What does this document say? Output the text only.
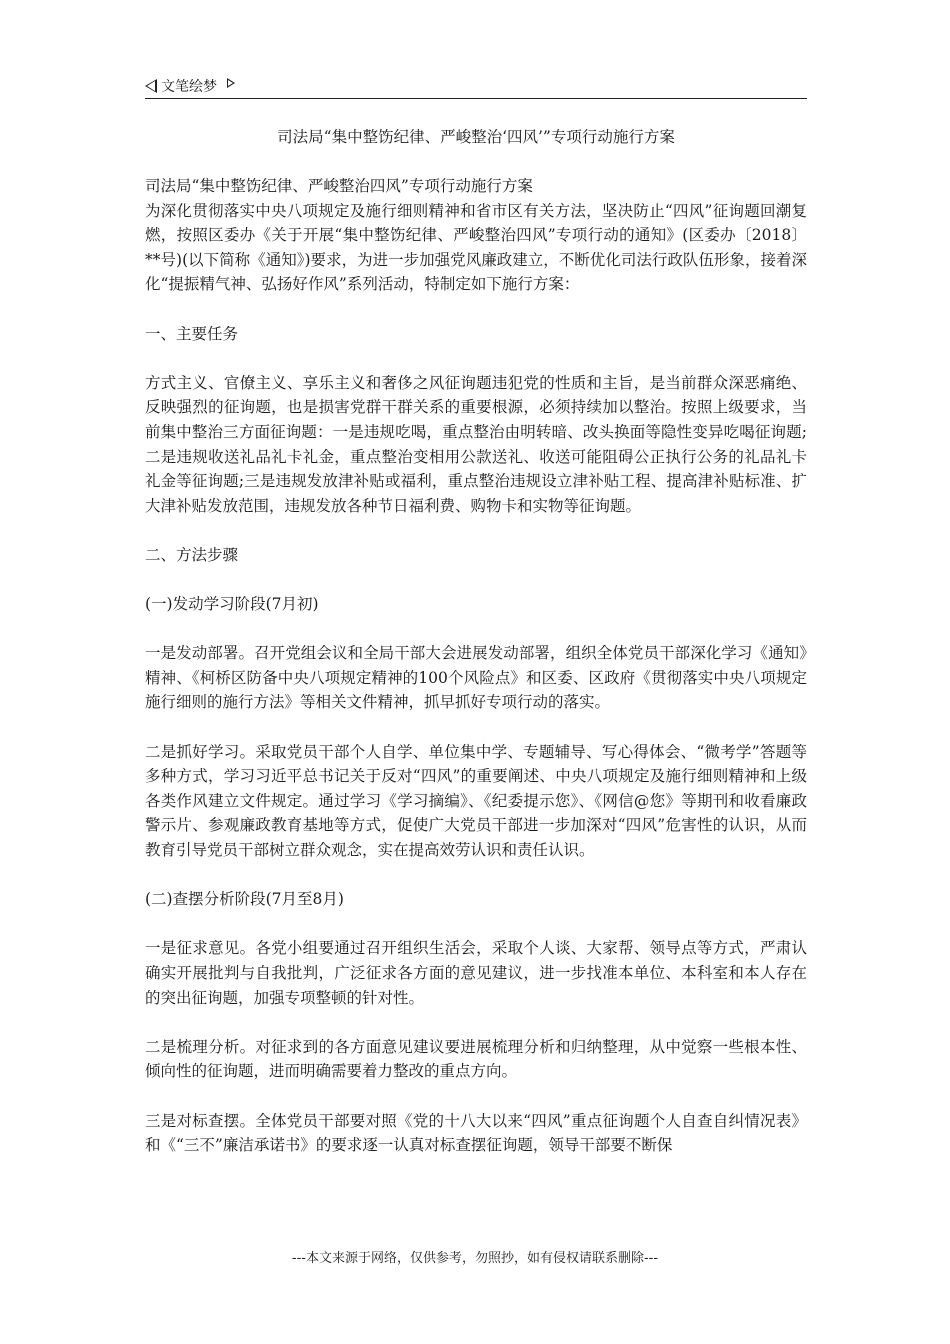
文笔绘梦
司法局“集中整饬纪律、严峻整治‘四风’”专项行动施行方案

司法局“集中整饬纪律、严峻整治四风”专项行动施行方案

为深化贯彻落实中央八项规定及施行细则精神和省市区有关方法，坚决防止“四风”征询题回潮复燃，按照区委办《关于开展“集中整饬纪律、严峻整治四风”专项行动的通知》(区委办〔2018〕**号)(以下简称《通知》)要求，为进一步加强党风廉政建立，不断优化司法行政队伍形象，接着深化“提振精气神、弘扬好作风”系列活动，特制定如下施行方案：

一、主要任务

方式主义、官僚主义、享乐主义和奢侈之风征询题违犯党的性质和主旨，是当前群众深恶痛绝、反映强烈的征询题，也是损害党群干群关系的重要根源，必须持续加以整治。按照上级要求，当前集中整治三方面征询题：一是违规吃喝，重点整治由明转暗、改头换面等隐性变异吃喝征询题;二是违规收送礼品礼卡礼金，重点整治变相用公款送礼、收送可能阻碍公正执行公务的礼品礼卡礼金等征询题;三是违规发放津补贴或福利，重点整治违规设立津补贴工程、提高津补贴标准、扩大津补贴发放范围，违规发放各种节日福利费、购物卡和实物等征询题。

二、方法步骤

(一)发动学习阶段(7月初)

一是发动部署。召开党组会议和全局干部大会进展发动部署，组织全体党员干部深化学习《通知》精神、《柯桥区防备中央八项规定精神的100个风险点》和区委、区政府《贯彻落实中央八项规定施行细则的施行方法》等相关文件精神，抓早抓好专项行动的落实。

二是抓好学习。采取党员干部个人自学、单位集中学、专题辅导、写心得体会、“微考学”答题等多种方式，学习习近平总书记关于反对“四风”的重要阐述、中央八项规定及施行细则精神和上级各类作风建立文件规定。通过学习《学习摘编》、《纪委提示您》、《网信@您》等期刊和收看廉政警示片、参观廉政教育基地等方式，促使广大党员干部进一步加深对“四风”危害性的认识，从而教育引导党员干部树立群众观念，实在提高效劳认识和责任认识。

(二)查摆分析阶段(7月至8月)

一是征求意见。各党小组要通过召开组织生活会，采取个人谈、大家帮、领导点等方式，严肃认确实开展批判与自我批判，广泛征求各方面的意见建议，进一步找准本单位、本科室和本人存在的突出征询题，加强专项整顿的针对性。

二是梳理分析。对征求到的各方面意见建议要进展梳理分析和归纳整理，从中觉察一些根本性、倾向性的征询题，进而明确需要着力整改的重点方向。

三是对标查摆。全体党员干部要对照《党的十八大以来“四风”重点征询题个人自查自纠情况表》和《“三不”廉洁承诺书》的要求逐一认真对标查摆征询题，领导干部要不断保

---本文来源于网络，仅供参考，勿照抄，如有侵权请联系删除---
